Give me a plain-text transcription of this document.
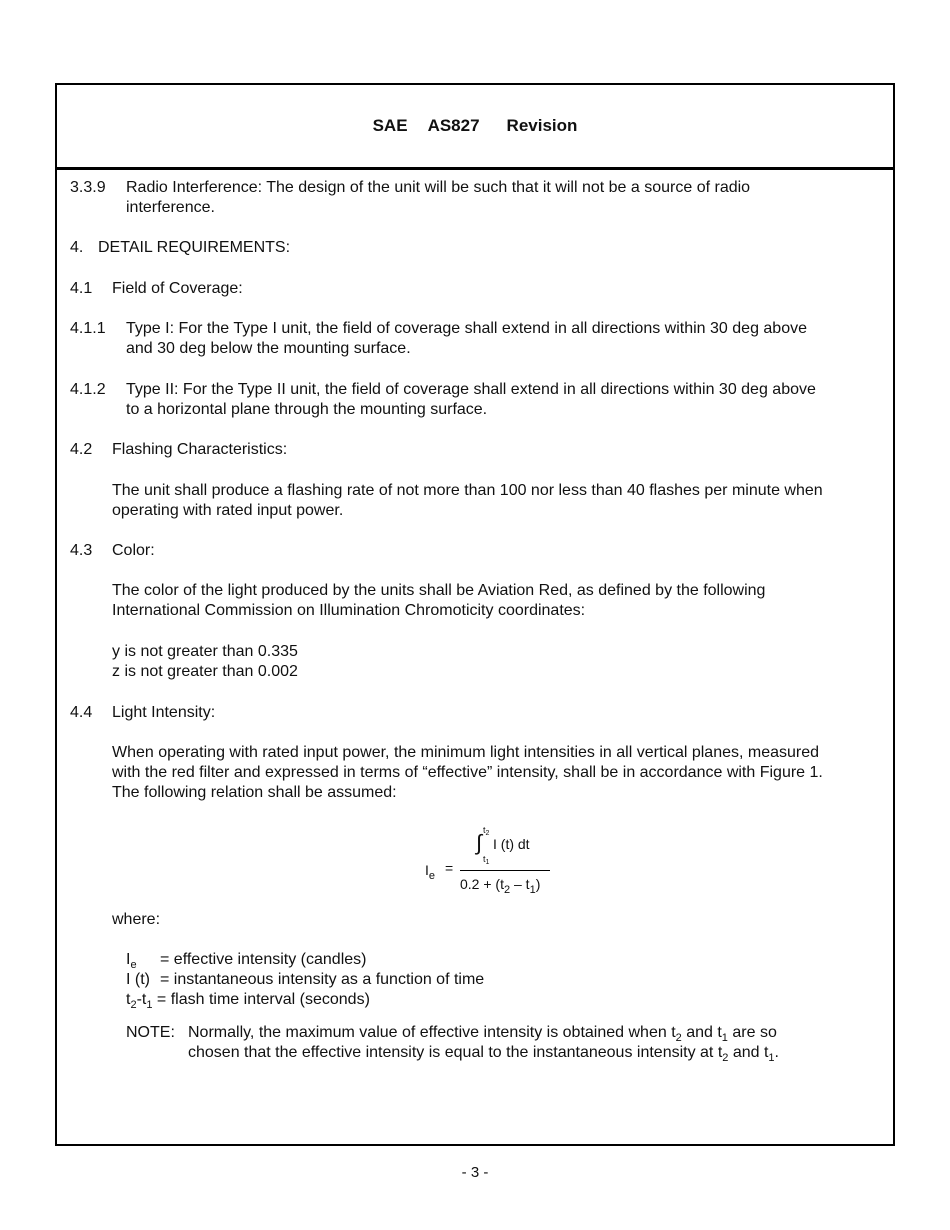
SAE AS827 Revision
3.3.9 Radio Interference: The design of the unit will be such that it will not be a source of radio
interference.
4. DETAIL REQUIREMENTS:
4.1 Field of Coverage:
4.1.1 Type I: For the Type I unit, the field of coverage shall extend in all directions within 30 deg above
and 30 deg below the mounting surface.
4.1.2 Type II: For the Type II unit, the field of coverage shall extend in all directions within 30 deg above
to a horizontal plane through the mounting surface.
4.2 Flashing Characteristics:
The unit shall produce a flashing rate of not more than 100 nor less than 40 flashes per minute when
operating with rated input power.
4.3 Color:
The color of the light produced by the units shall be Aviation Red, as defined by the following
International Commission on Illumination Chromoticity coordinates:
y is not greater than 0.335
z is not greater than 0.002
4.4 Light Intensity:
When operating with rated input power, the minimum light intensities in all vertical planes, measured
with the red filter and expressed in terms of “effective” intensity, shall be in accordance with Figure 1.
The following relation shall be assumed:
$I_e$ =
∫ $t_2$
$t_1$
I (t) dt
$0.2 + (t_2 - t_1)$
where:
$I_e$ = effective intensity (candles)
I (t) = instantaneous intensity as a function of time
$t_2-t_1$ = flash time interval (seconds)
NOTE: Normally, the maximum value of effective intensity is obtained when $t_2$ and $t_1$ are so
chosen that the effective intensity is equal to the instantaneous intensity at $t_2$ and $t_1$.
- 3 -
